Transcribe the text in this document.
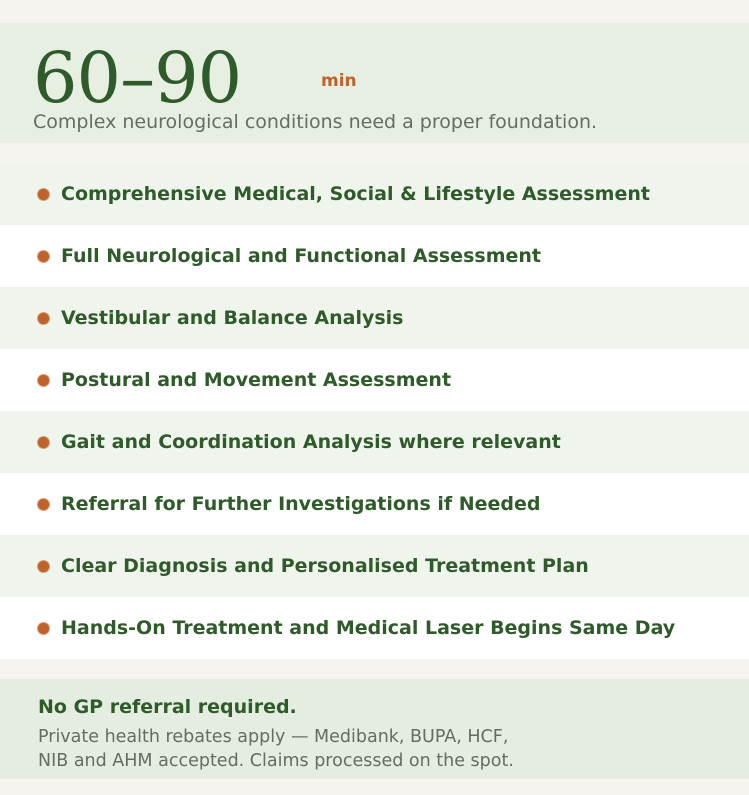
60–90	min
Complex neurological conditions need a proper foundation.
Comprehensive Medical, Social & Lifestyle Assessment
Full Neurological and Functional Assessment
Vestibular and Balance Analysis
Postural and Movement Assessment
Gait and Coordination Analysis where relevant
Referral for Further Investigations if Needed
Clear Diagnosis and Personalised Treatment Plan
Hands-On Treatment and Medical Laser Begins Same Day
No GP referral required.
Private health rebates apply — Medibank, BUPA, HCF,
NIB and AHM accepted. Claims processed on the spot.
